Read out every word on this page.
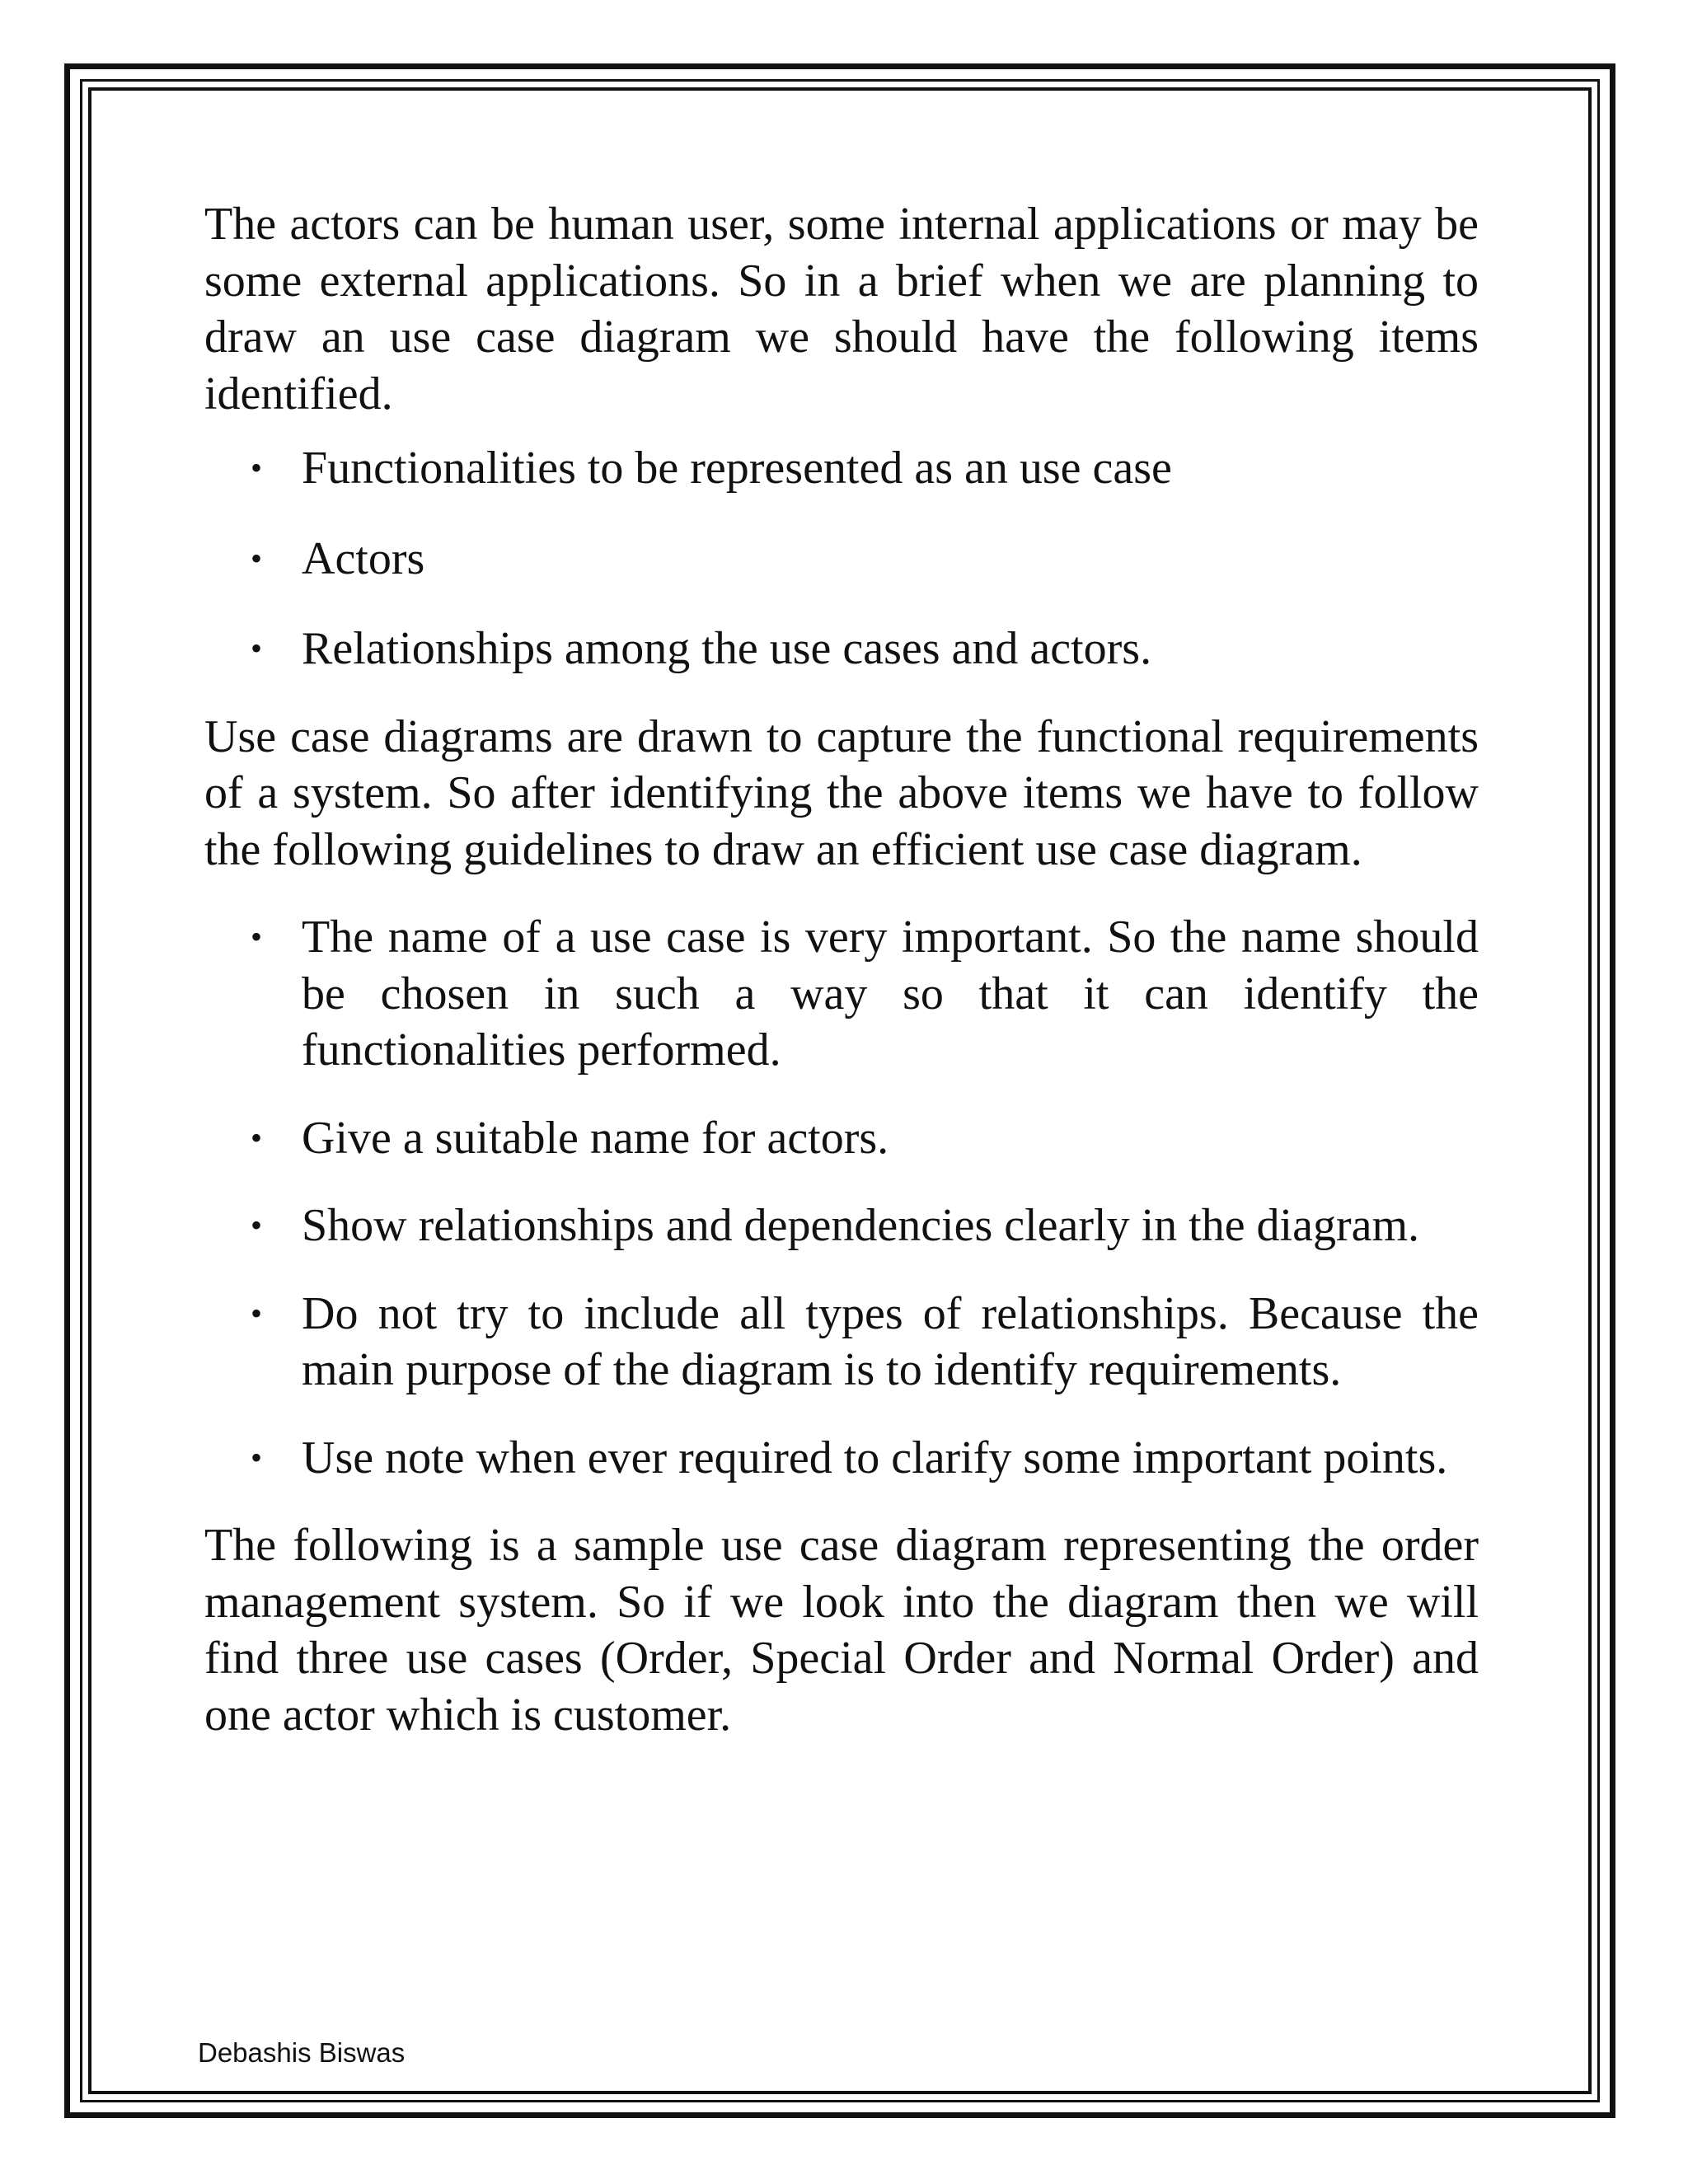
The actors can be human user, some internal applications or may be some external applications. So in a brief when we are planning to draw an use case diagram we should have the following items identified.

• Functionalities to be represented as an use case
• Actors
• Relationships among the use cases and actors.

Use case diagrams are drawn to capture the functional requirements of a system. So after identifying the above items we have to follow the following guidelines to draw an efficient use case diagram.

• The name of a use case is very important. So the name should be chosen in such a way so that it can identify the functionalities performed.
• Give a suitable name for actors.
• Show relationships and dependencies clearly in the diagram.
• Do not try to include all types of relationships. Because the main purpose of the diagram is to identify requirements.
• Use note when ever required to clarify some important points.

The following is a sample use case diagram representing the order management system. So if we look into the diagram then we will find three use cases (Order, Special Order and Normal Order) and one actor which is customer.

Debashis Biswas
